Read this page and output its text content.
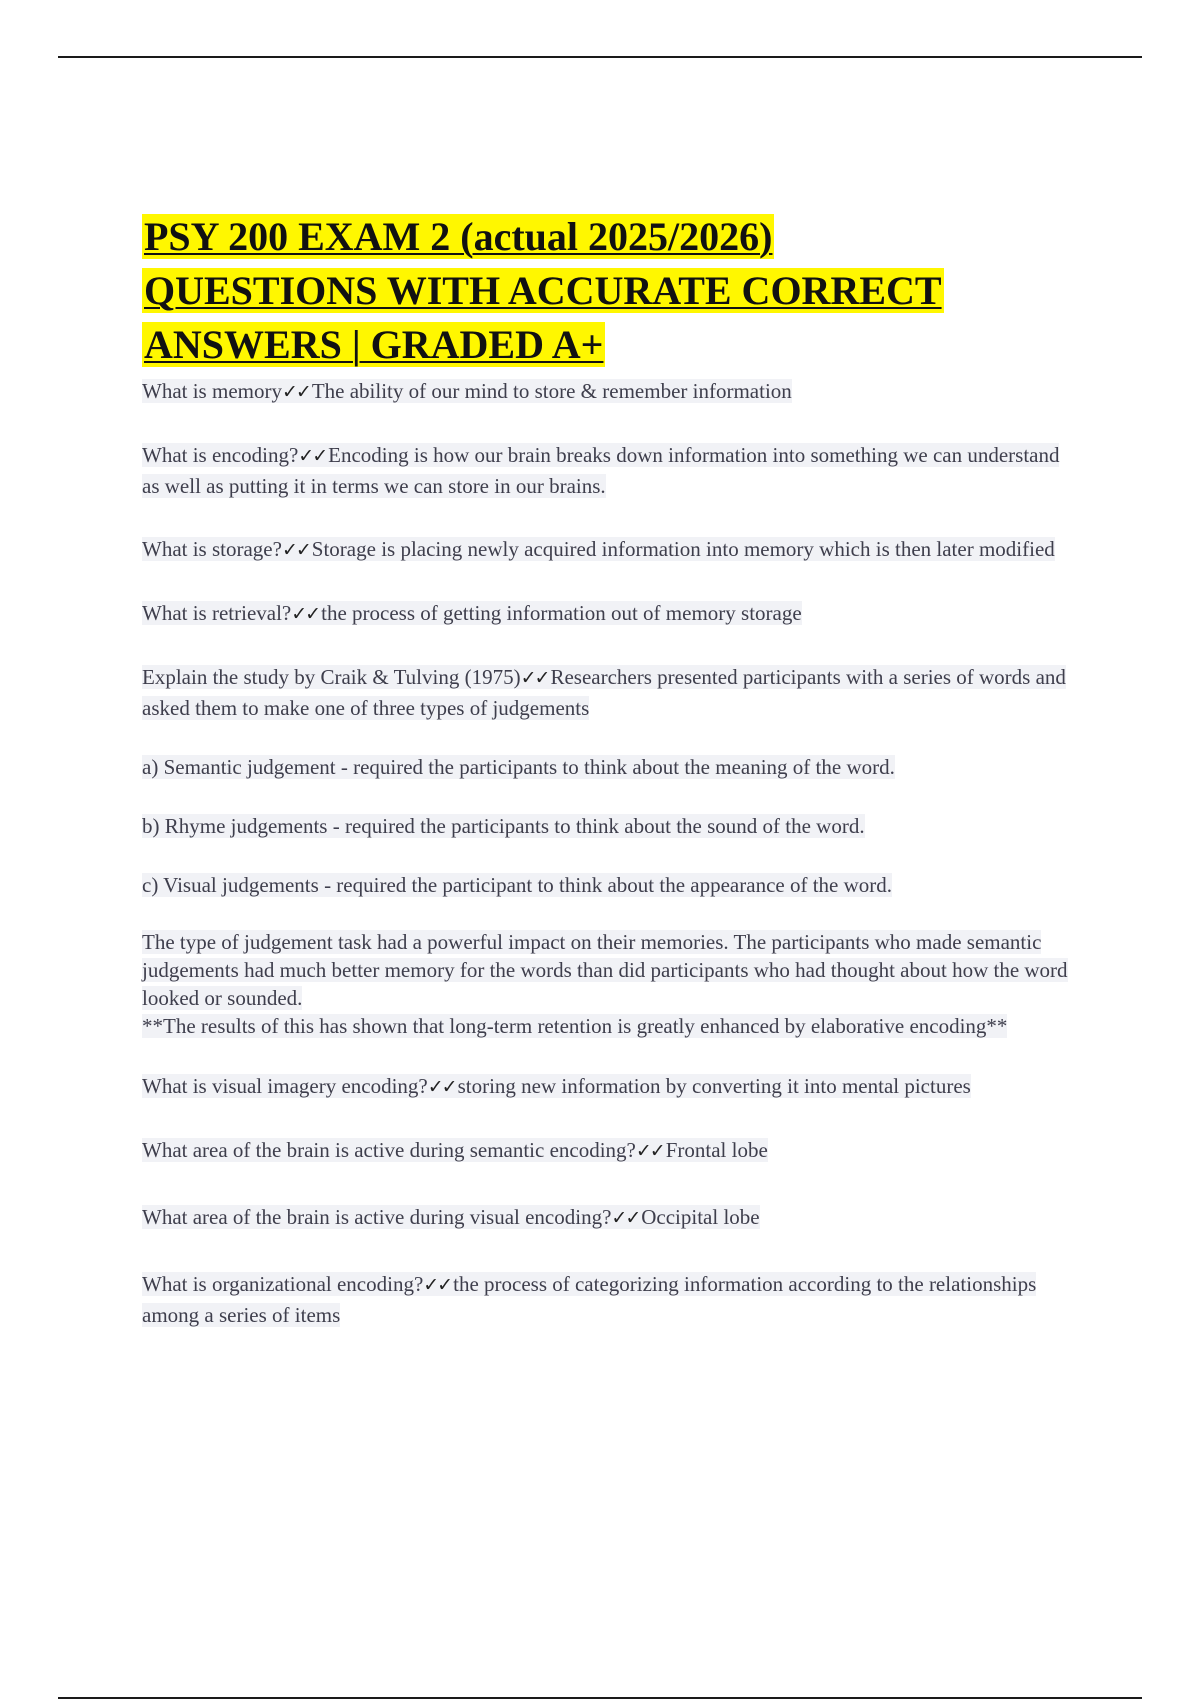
PSY 200 EXAM 2 (actual 2025/2026)
QUESTIONS WITH ACCURATE CORRECT
ANSWERS | GRADED A+

What is memory✓✓The ability of our mind to store & remember information

What is encoding?✓✓Encoding is how our brain breaks down information into something we can understand as well as putting it in terms we can store in our brains.

What is storage?✓✓Storage is placing newly acquired information into memory which is then later modified

What is retrieval?✓✓the process of getting information out of memory storage

Explain the study by Craik & Tulving (1975)✓✓Researchers presented participants with a series of words and asked them to make one of three types of judgements

a) Semantic judgement - required the participants to think about the meaning of the word.

b) Rhyme judgements - required the participants to think about the sound of the word.

c) Visual judgements - required the participant to think about the appearance of the word.

The type of judgement task had a powerful impact on their memories. The participants who made semantic judgements had much better memory for the words than did participants who had thought about how the word looked or sounded.

**The results of this has shown that long-term retention is greatly enhanced by elaborative encoding**

What is visual imagery encoding?✓✓storing new information by converting it into mental pictures

What area of the brain is active during semantic encoding?✓✓Frontal lobe

What area of the brain is active during visual encoding?✓✓Occipital lobe

What is organizational encoding?✓✓the process of categorizing information according to the relationships among a series of items
